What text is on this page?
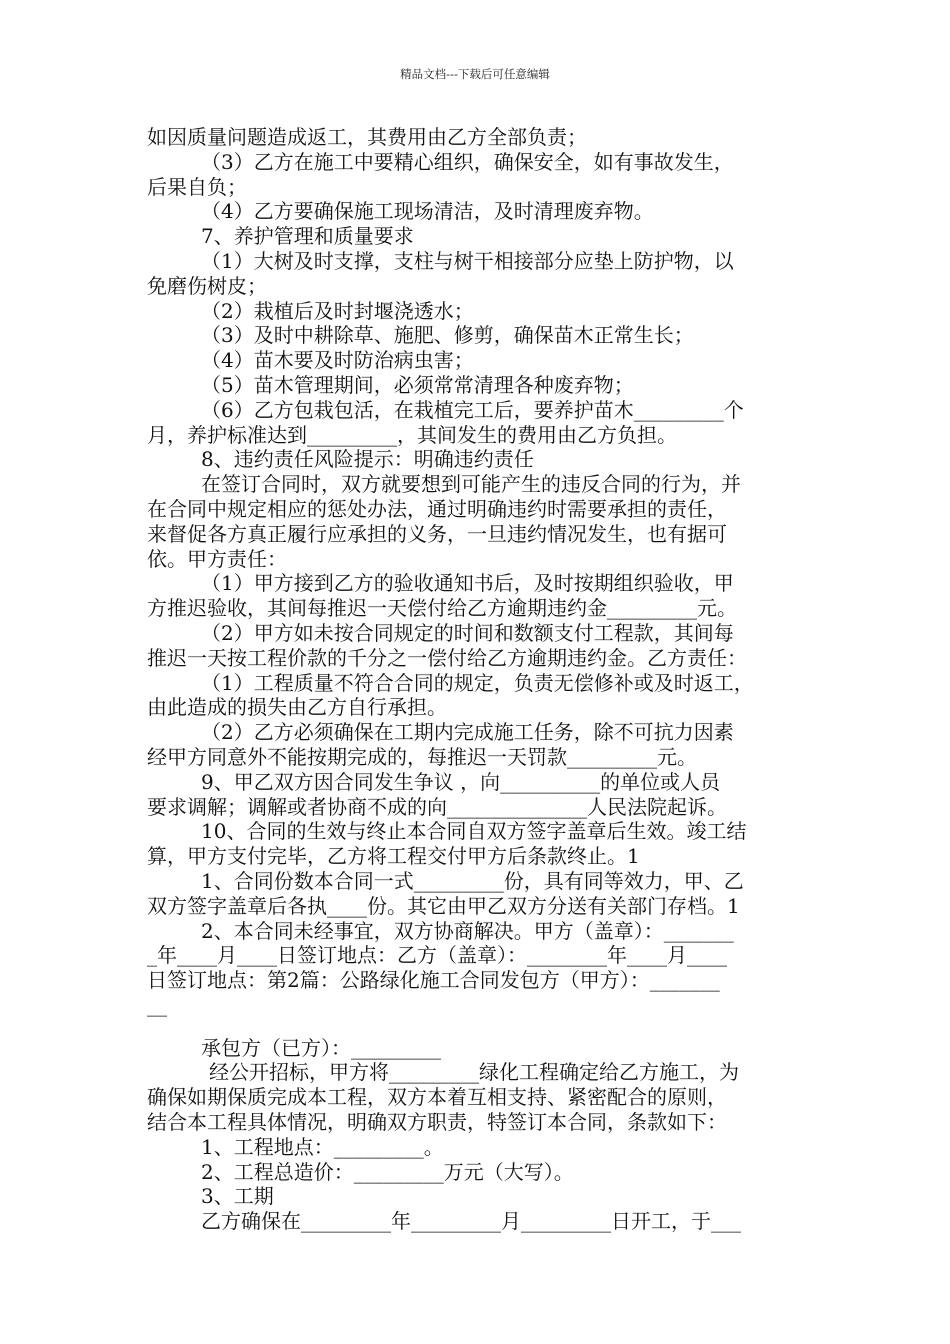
精品文档---下载后可任意编辑
如因质量问题造成返工，其费用由乙方全部负责；
（3）乙方在施工中要精心组织，确保安全，如有事故发生，
后果自负；
（4）乙方要确保施工现场清洁，及时清理废弃物。
7、养护管理和质量要求
（1）大树及时支撑，支柱与树干相接部分应垫上防护物，以
免磨伤树皮；
（2）栽植后及时封堰浇透水；
（3）及时中耕除草、施肥、修剪，确保苗木正常生长；
（4）苗木要及时防治病虫害；
（5）苗木管理期间，必须常常清理各种废弃物；
（6）乙方包栽包活，在栽植完工后，要养护苗木_________个
月，养护标准达到_________，其间发生的费用由乙方负担。
8、违约责任风险提示：明确违约责任
在签订合同时，双方就要想到可能产生的违反合同的行为，并
在合同中规定相应的惩处办法，通过明确违约时需要承担的责任，
来督促各方真正履行应承担的义务，一旦违约情况发生，也有据可
依。甲方责任：
（1）甲方接到乙方的验收通知书后，及时按期组织验收，甲
方推迟验收，其间每推迟一天偿付给乙方逾期违约金_________元。
（2）甲方如未按合同规定的时间和数额支付工程款，其间每
推迟一天按工程价款的千分之一偿付给乙方逾期违约金。乙方责任：
（1）工程质量不符合合同的规定，负责无偿修补或及时返工，
由此造成的损失由乙方自行承担。
（2）乙方必须确保在工期内完成施工任务，除不可抗力因素
经甲方同意外不能按期完成的，每推迟一天罚款_________元。
9、甲乙双方因合同发生争议 ，向__________的单位或人员
要求调解；调解或者协商不成的向______________人民法院起诉。
10、合同的生效与终止本合同自双方签字盖章后生效。竣工结
算，甲方支付完毕，乙方将工程交付甲方后条款终止。1
1、合同份数本合同一式_________份，具有同等效力，甲、乙
双方签字盖章后各执____份。其它由甲乙双方分送有关部门存档。1
2、本合同未经事宜，双方协商解决。甲方（盖章）：_______
_年____月____日签订地点：乙方（盖章）：________年____月____
日签订地点：第2篇：公路绿化施工合同发包方（甲方）：_______
__
承包方（已方）：_________
经公开招标，甲方将_________绿化工程确定给乙方施工，为
确保如期保质完成本工程，双方本着互相支持、紧密配合的原则，
结合本工程具体情况，明确双方职责，特签订本合同，条款如下：
1、工程地点：_________。
2、工程总造价：_________万元（大写）。
3、工期
乙方确保在_________年_________月_________日开工，于___
